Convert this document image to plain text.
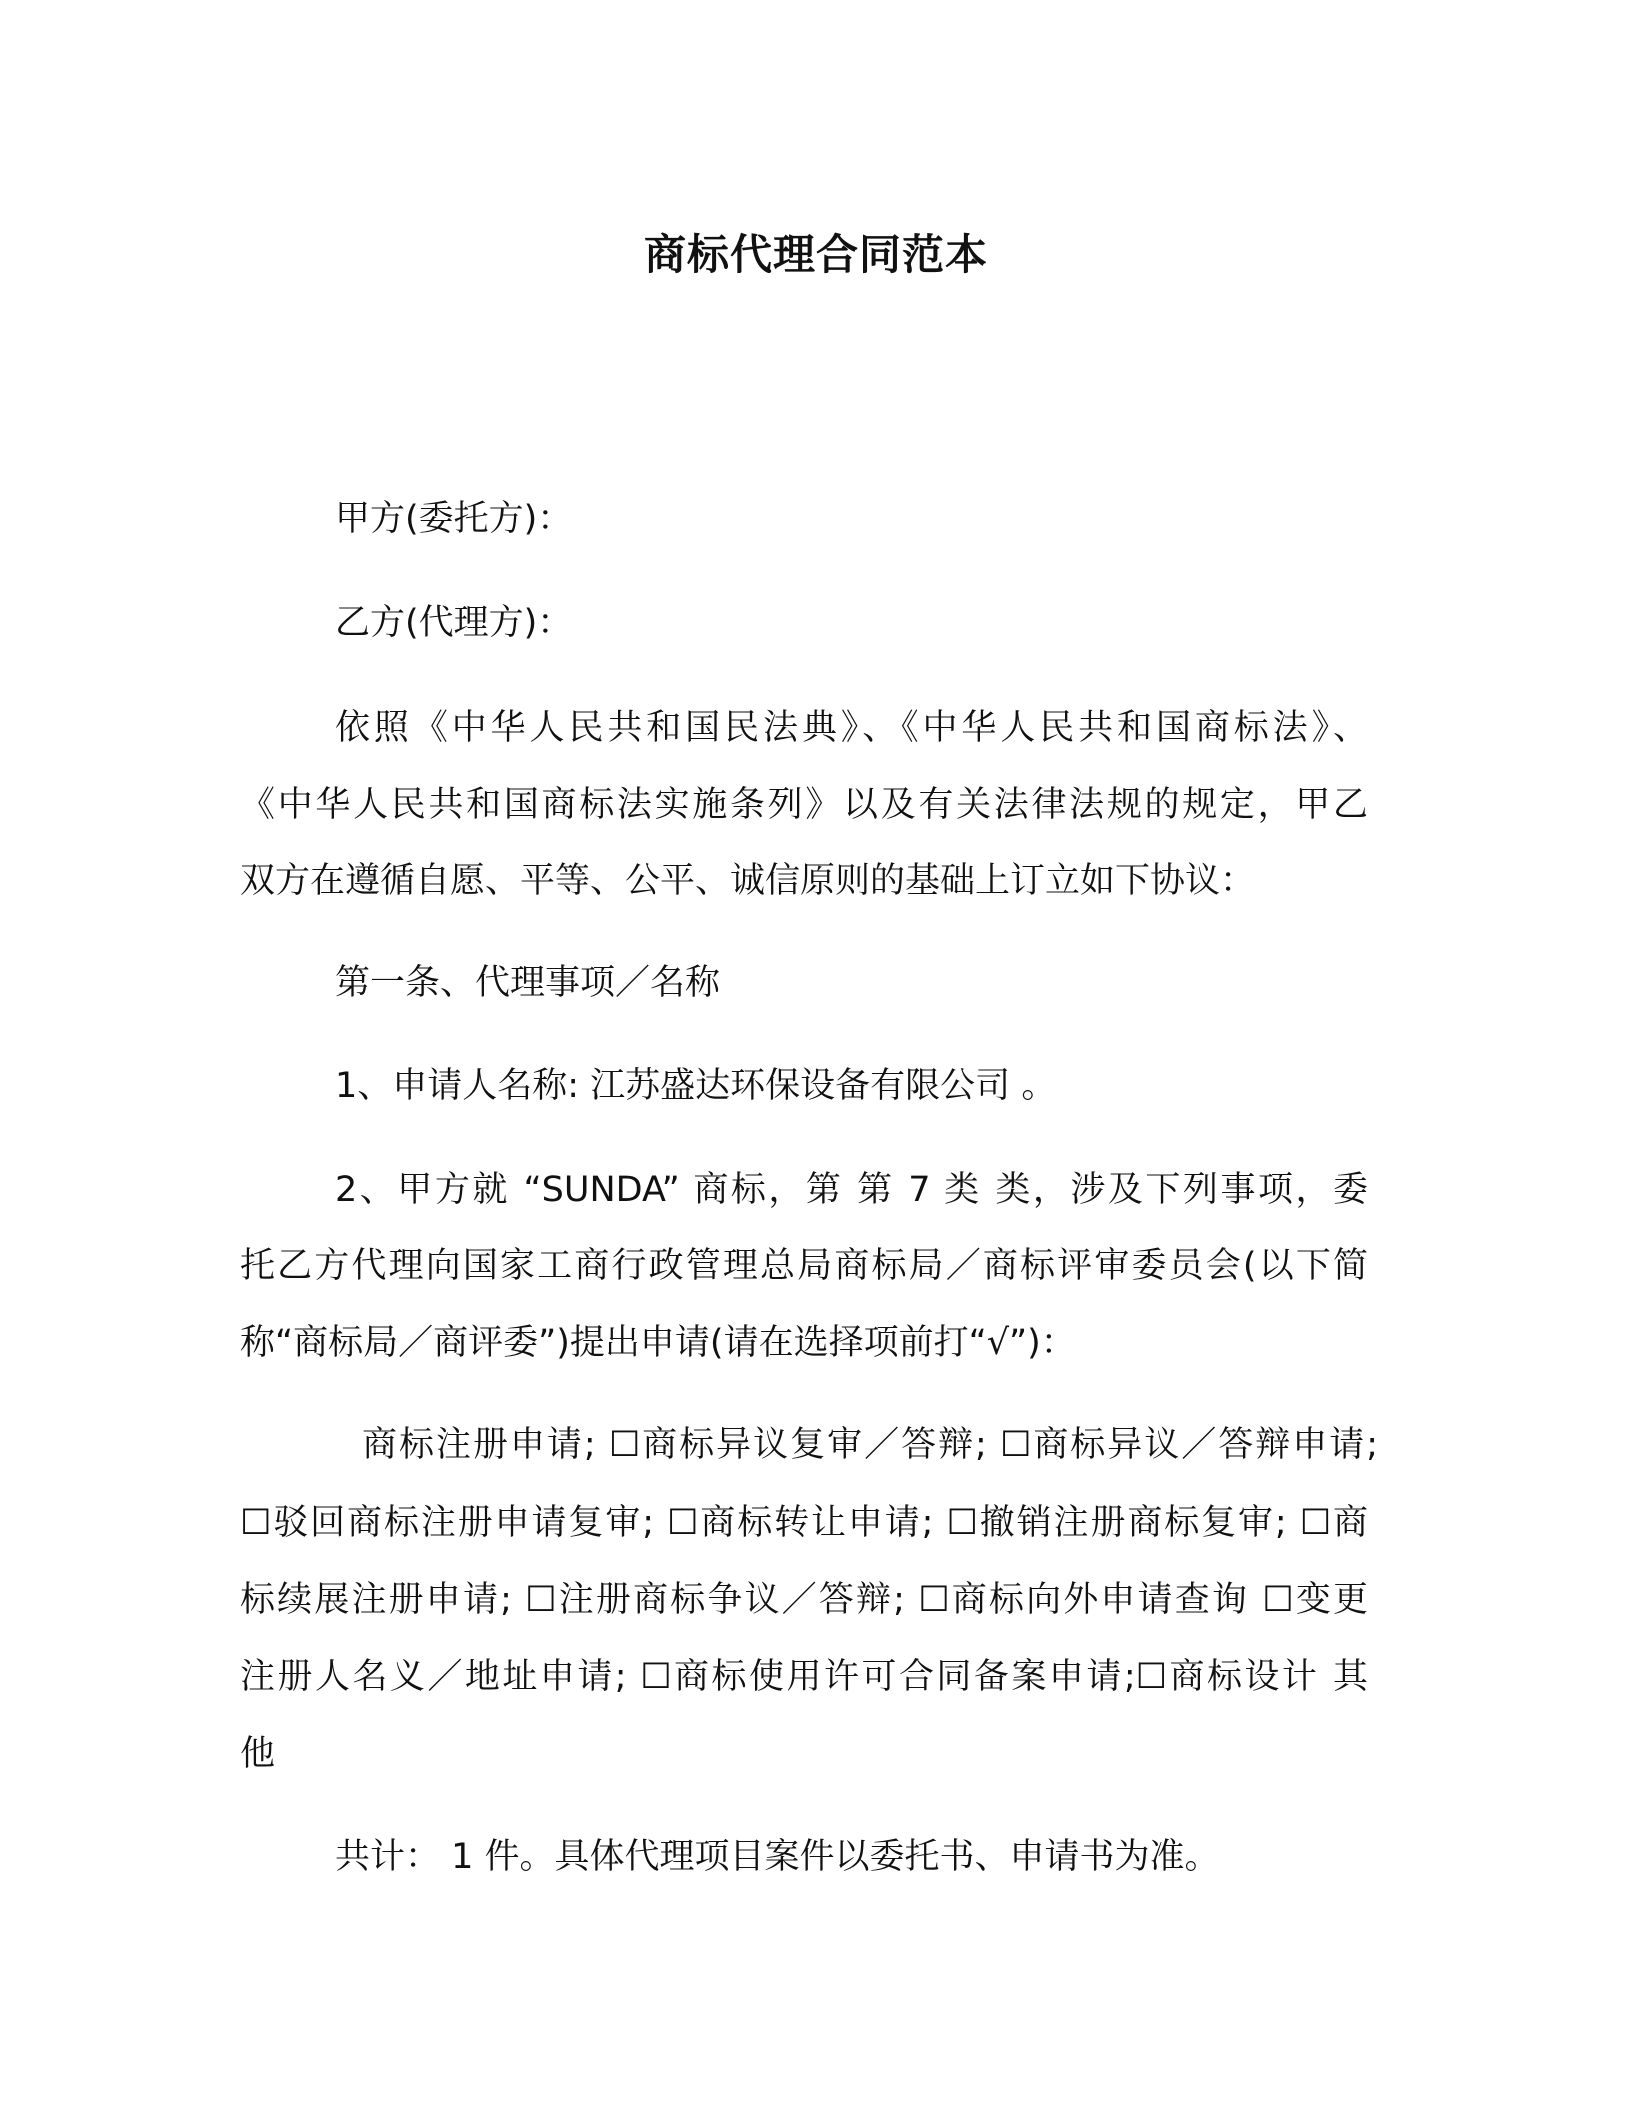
商标代理合同范本
甲方(委托方)：
乙方(代理方)：
依照《中华人民共和国民法典》、《中华人民共和国商标法》、
《中华人民共和国商标法实施条列》以及有关法律法规的规定，甲乙
双方在遵循自愿、平等、公平、诚信原则的基础上订立如下协议：
第一条、代理事项／名称
1、申请人名称: 江苏盛达环保设备有限公司 。
2、甲方就 “SUNDA” 商标，第 第 7 类 类，涉及下列事项，委
托乙方代理向国家工商行政管理总局商标局／商标评审委员会(以下简
称“商标局／商评委”)提出申请(请在选择项前打“√”)：
商标注册申请; ☐商标异议复审／答辩; ☐商标异议／答辩申请;
☐驳回商标注册申请复审; ☐商标转让申请; ☐撤销注册商标复审; ☐商
标续展注册申请; ☐注册商标争议／答辩; ☐商标向外申请查询 ☐变更
注册人名义／地址申请; ☐商标使用许可合同备案申请;☐商标设计 其
他
共计： 1 件。具体代理项目案件以委托书、申请书为准。
